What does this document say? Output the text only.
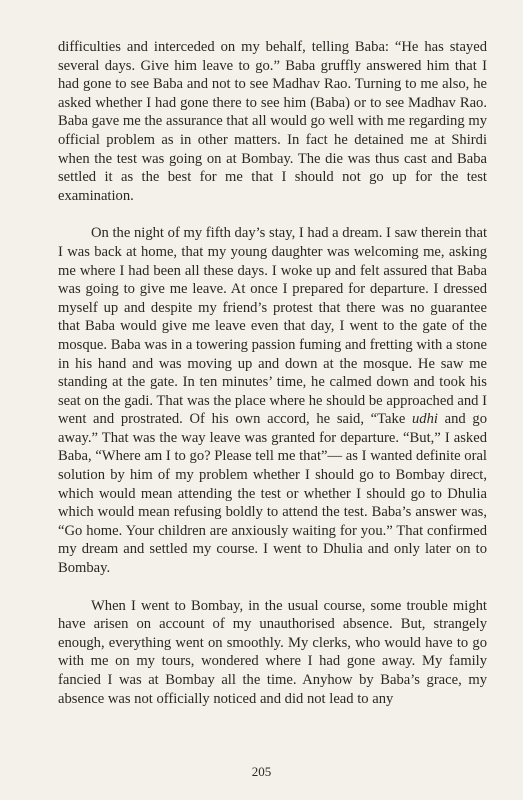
difficulties and interceded on my behalf, telling Baba: “He has stayed several days. Give him leave to go.” Baba gruffly answered him that I had gone to see Baba and not to see Madhav Rao. Turning to me also, he asked whether I had gone there to see him (Baba) or to see Madhav Rao. Baba gave me the assurance that all would go well with me regarding my official problem as in other matters. In fact he detained me at Shirdi when the test was going on at Bombay. The die was thus cast and Baba settled it as the best for me that I should not go up for the test examination.

On the night of my fifth day’s stay, I had a dream. I saw therein that I was back at home, that my young daughter was welcoming me, asking me where I had been all these days. I woke up and felt assured that Baba was going to give me leave. At once I prepared for departure. I dressed myself up and despite my friend’s protest that there was no guarantee that Baba would give me leave even that day, I went to the gate of the mosque. Baba was in a towering passion fuming and fretting with a stone in his hand and was moving up and down at the mosque. He saw me standing at the gate. In ten minutes’ time, he calmed down and took his seat on the gadi. That was the place where he should be approached and I went and prostrated. Of his own accord, he said, “Take udhi and go away.” That was the way leave was granted for departure. “But,” I asked Baba, “Where am I to go? Please tell me that”— as I wanted definite oral solution by him of my problem whether I should go to Bombay direct, which would mean attending the test or whether I should go to Dhulia which would mean refusing boldly to attend the test. Baba’s answer was, “Go home. Your children are anxiously waiting for you.” That confirmed my dream and settled my course. I went to Dhulia and only later on to Bombay.

When I went to Bombay, in the usual course, some trouble might have arisen on account of my unauthorised absence. But, strangely enough, everything went on smoothly. My clerks, who would have to go with me on my tours, wondered where I had gone away. My family fancied I was at Bombay all the time. Anyhow by Baba’s grace, my absence was not officially noticed and did not lead to any

205
